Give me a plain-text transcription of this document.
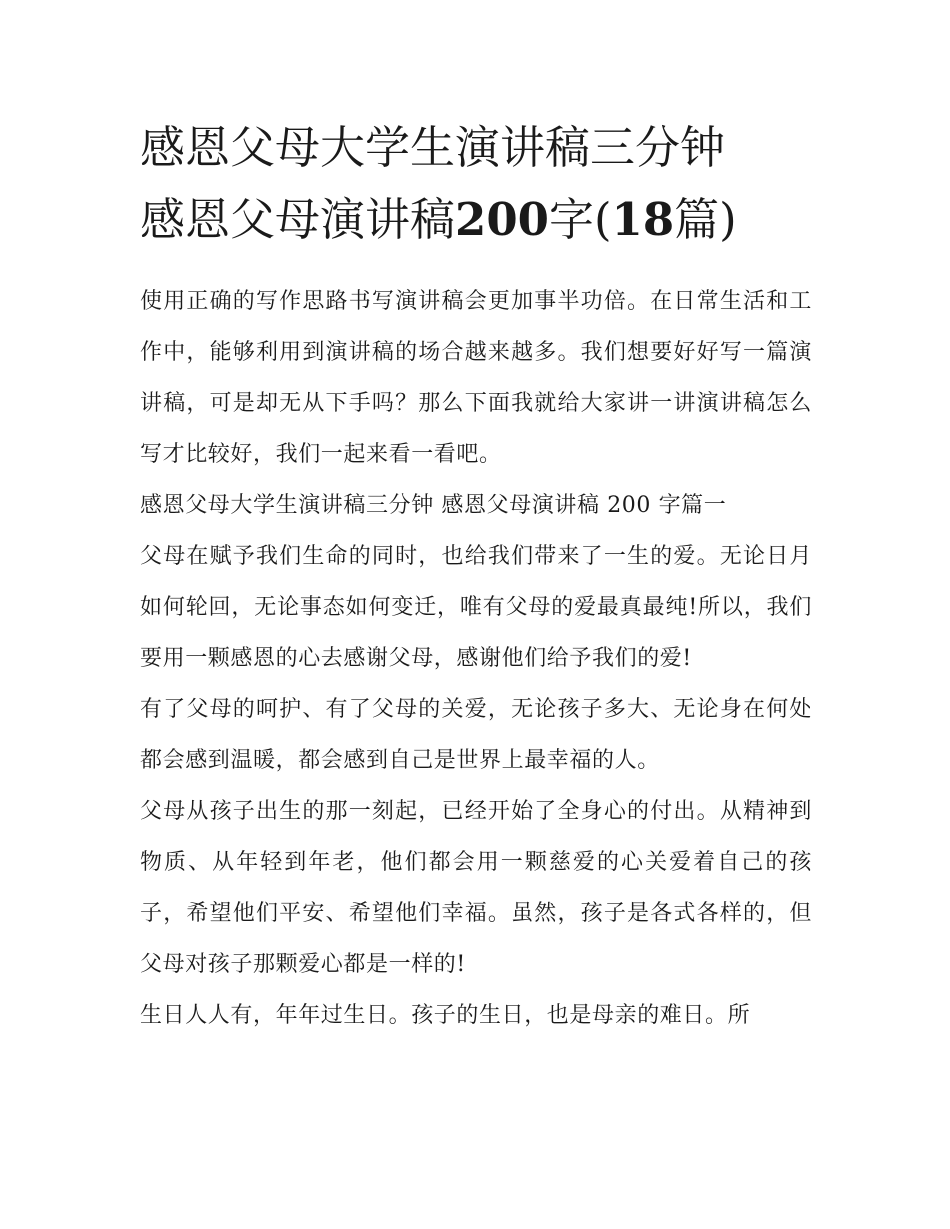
感恩父母大学生演讲稿三分钟
感恩父母演讲稿200字(18篇)

使用正确的写作思路书写演讲稿会更加事半功倍。在日常生活和工作中，能够利用到演讲稿的场合越来越多。我们想要好好写一篇演讲稿，可是却无从下手吗？那么下面我就给大家讲一讲演讲稿怎么写才比较好，我们一起来看一看吧。

感恩父母大学生演讲稿三分钟 感恩父母演讲稿 200 字篇一

父母在赋予我们生命的同时，也给我们带来了一生的爱。无论日月如何轮回，无论事态如何变迁，唯有父母的爱最真最纯!所以，我们要用一颗感恩的心去感谢父母，感谢他们给予我们的爱!

有了父母的呵护、有了父母的关爱，无论孩子多大、无论身在何处都会感到温暖，都会感到自己是世界上最幸福的人。

父母从孩子出生的那一刻起，已经开始了全身心的付出。从精神到物质、从年轻到年老，他们都会用一颗慈爱的心关爱着自己的孩子，希望他们平安、希望他们幸福。虽然，孩子是各式各样的，但父母对孩子那颗爱心都是一样的!

生日人人有，年年过生日。孩子的生日，也是母亲的难日。所
